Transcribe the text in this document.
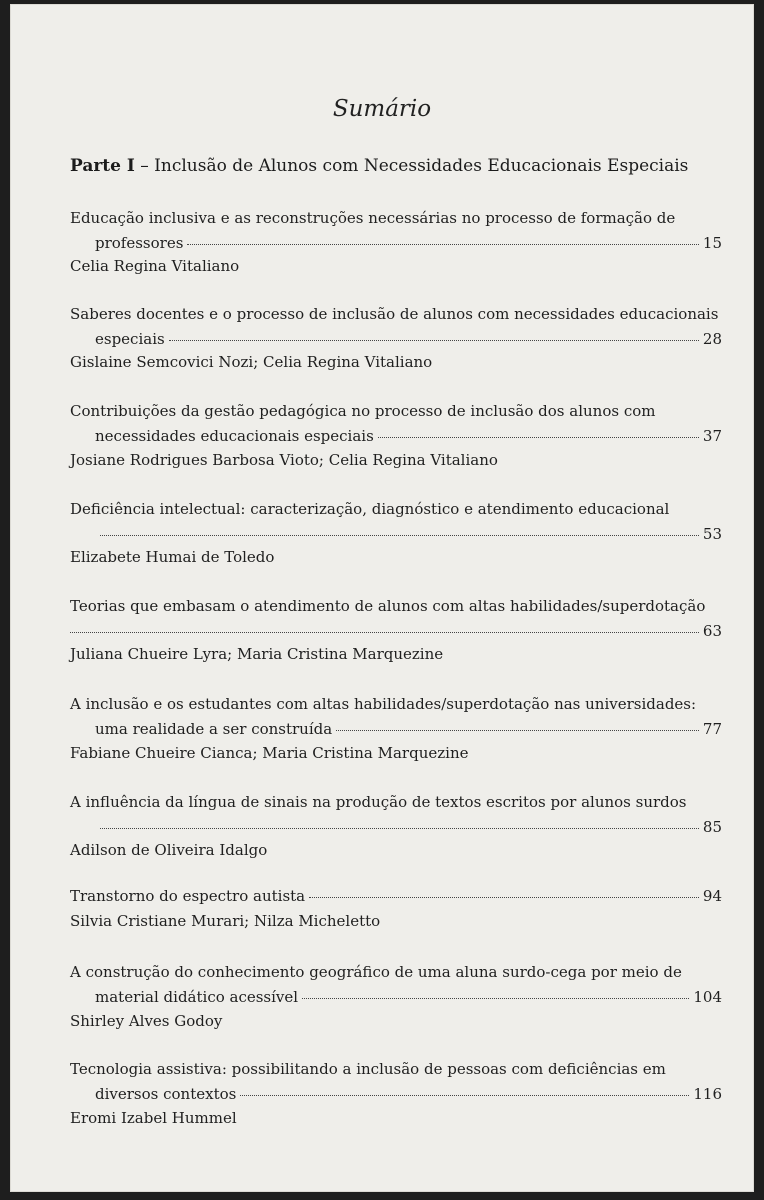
Sumário
Parte I – Inclusão de Alunos com Necessidades Educacionais Especiais
Educação inclusiva e as reconstruções necessárias no processo de formação de
professores	15
Celia Regina Vitaliano
Saberes docentes e o processo de inclusão de alunos com necessidades educacionais
especiais	28
Gislaine Semcovici Nozi; Celia Regina Vitaliano
Contribuições da gestão pedagógica no processo de inclusão dos alunos com
necessidades educacionais especiais	37
Josiane Rodrigues Barbosa Vioto; Celia Regina Vitaliano
Deficiência intelectual: caracterização, diagnóstico e atendimento educacional
53
Elizabete Humai de Toledo
Teorias que embasam o atendimento de alunos com altas habilidades/superdotação
63
Juliana Chueire Lyra; Maria Cristina Marquezine
A inclusão e os estudantes com altas habilidades/superdotação nas universidades:
uma realidade a ser construída	77
Fabiane Chueire Cianca; Maria Cristina Marquezine
A influência da língua de sinais na produção de textos escritos por alunos surdos
85
Adilson de Oliveira Idalgo
Transtorno do espectro autista	94
Silvia Cristiane Murari; Nilza Micheletto
A construção do conhecimento geográfico de uma aluna surdo-cega por meio de
material didático acessível	104
Shirley Alves Godoy
Tecnologia assistiva: possibilitando a inclusão de pessoas com deficiências em
diversos contextos	116
Eromi Izabel Hummel
